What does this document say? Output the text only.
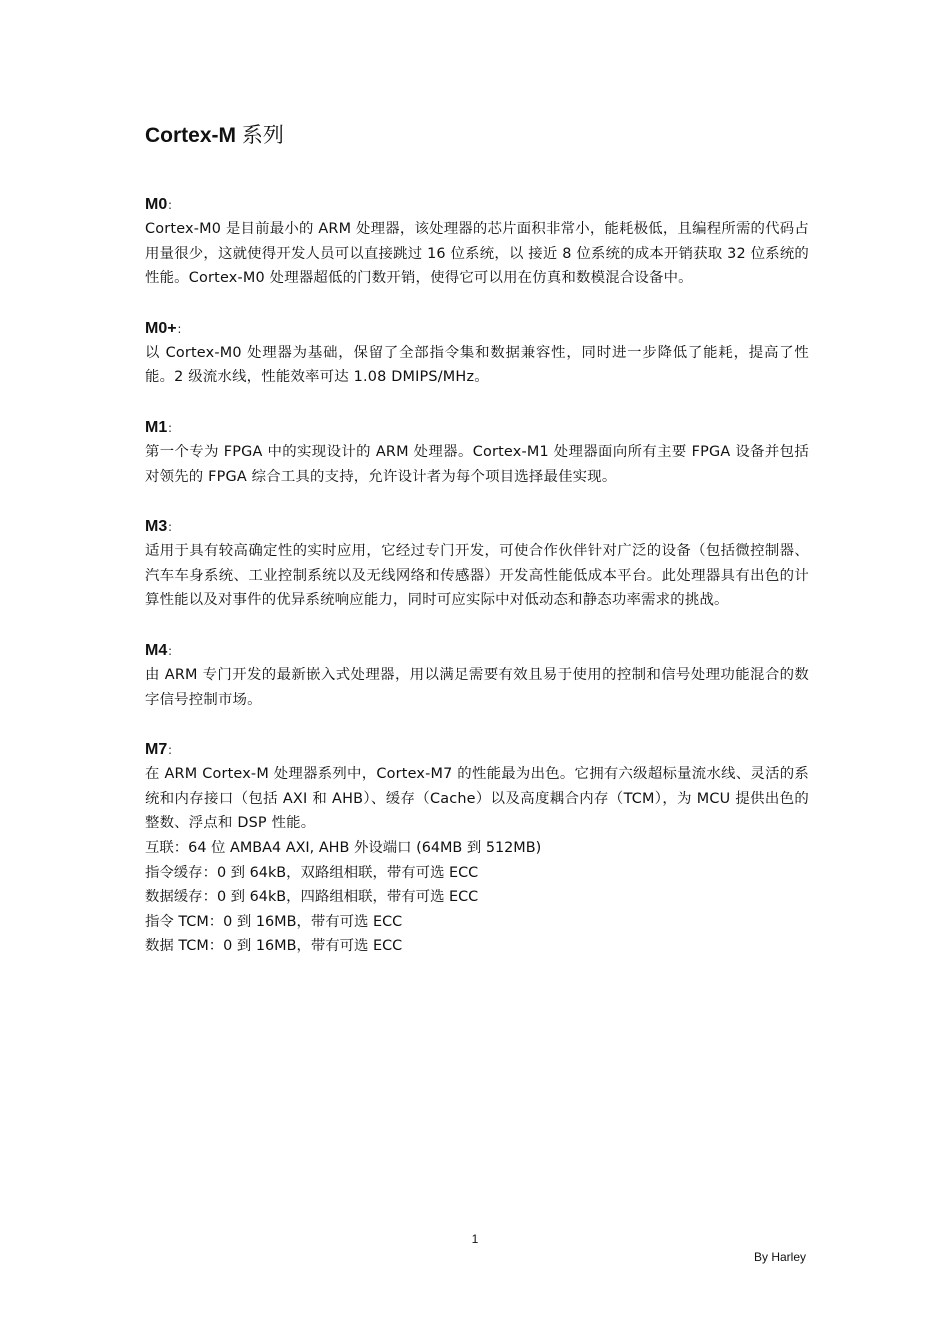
Cortex-M 系列
M0：

Cortex-M0 是目前最小的 ARM 处理器，该处理器的芯片面积非常小，能耗极低，且编程所需的代码占用量很少，这就使得开发人员可以直接跳过 16 位系统，以 接近 8 位系统的成本开销获取 32 位系统的性能。Cortex-M0 处理器超低的门数开销，使得它可以用在仿真和数模混合设备中。

M0+：

以 Cortex-M0 处理器为基础，保留了全部指令集和数据兼容性，同时进一步降低了能耗，提高了性能。2 级流水线，性能效率可达 1.08 DMIPS/MHz。

M1：

第一个专为 FPGA 中的实现设计的 ARM 处理器。Cortex-M1 处理器面向所有主要 FPGA 设备并包括对领先的 FPGA 综合工具的支持，允许设计者为每个项目选择最佳实现。

M3：

适用于具有较高确定性的实时应用，它经过专门开发，可使合作伙伴针对广泛的设备（包括微控制器、汽车车身系统、工业控制系统以及无线网络和传感器）开发高性能低成本平台。此处理器具有出色的计算性能以及对事件的优异系统响应能力，同时可应实际中对低动态和静态功率需求的挑战。

M4：

由 ARM 专门开发的最新嵌入式处理器，用以满足需要有效且易于使用的控制和信号处理功能混合的数字信号控制市场。

M7：

在 ARM Cortex-M 处理器系列中，Cortex-M7 的性能最为出色。它拥有六级超标量流水线、灵活的系统和内存接口（包括 AXI 和 AHB）、缓存（Cache）以及高度耦合内存（TCM），为 MCU 提供出色的整数、浮点和 DSP 性能。

互联：64 位 AMBA4 AXI, AHB 外设端口 (64MB 到 512MB)

指令缓存：0 到 64kB，双路组相联，带有可选 ECC

数据缓存：0 到 64kB，四路组相联，带有可选 ECC

指令 TCM：0 到 16MB，带有可选 ECC

数据 TCM：0 到 16MB，带有可选 ECC

1
By Harley
